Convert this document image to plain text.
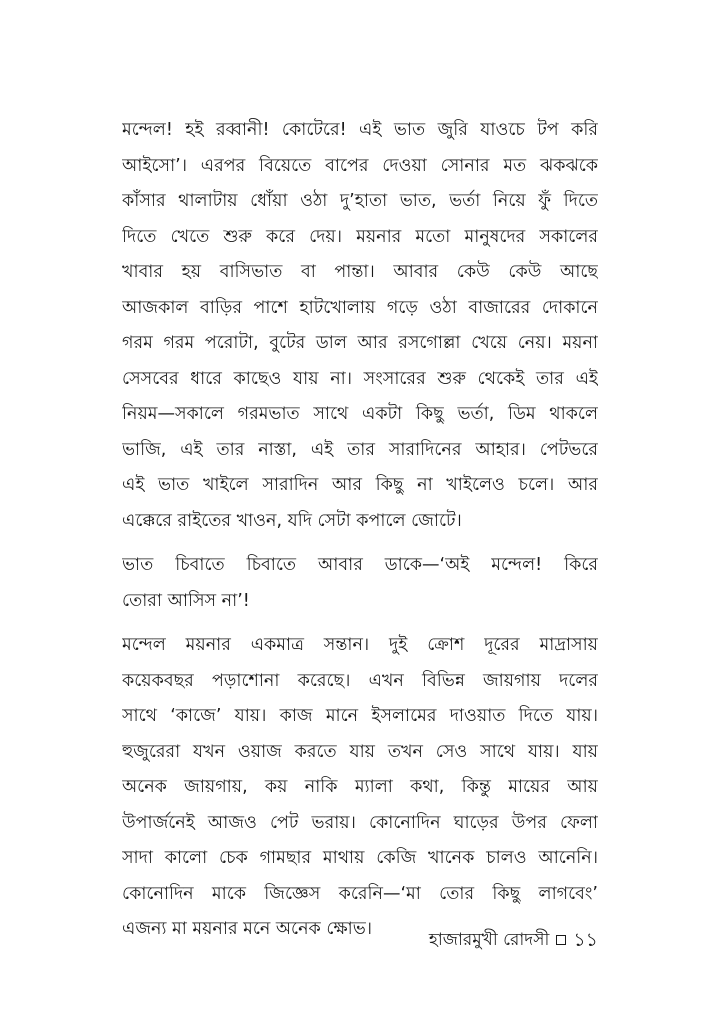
মন্দেল! হই রব্বানী! কোটেরে! এই ভাত জুরি যাওচে টপ করি
আইসো’। এরপর বিয়েতে বাপের দেওয়া সোনার মত ঝকঝকে
কাঁসার থালাটায় ধোঁয়া ওঠা দু’হাতা ভাত, ভর্তা নিয়ে ফুঁ দিতে
দিতে খেতে শুরু করে দেয়। ময়নার মতো মানুষদের সকালের
খাবার হয় বাসিভাত বা পান্তা। আবার কেউ কেউ আছে
আজকাল বাড়ির পাশে হাটখোলায় গড়ে ওঠা বাজারের দোকানে
গরম গরম পরোটা, বুটের ডাল আর রসগোল্লা খেয়ে নেয়। ময়না
সেসবের ধারে কাছেও যায় না। সংসারের শুরু থেকেই তার এই
নিয়ম—সকালে গরমভাত সাথে একটা কিছু ভর্তা, ডিম থাকলে
ভাজি, এই তার নাস্তা, এই তার সারাদিনের আহার। পেটভরে
এই ভাত খাইলে সারাদিন আর কিছু না খাইলেও চলে। আর
এক্কেরে রাইতের খাওন, যদি সেটা কপালে জোটে।
ভাত চিবাতে চিবাতে আবার ডাকে—‘অই মন্দেল! কিরে
তোরা আসিস না’!
মন্দেল ময়নার একমাত্র সন্তান। দুই ক্রোশ দূরের মাদ্রাসায়
কয়েকবছর পড়াশোনা করেছে। এখন বিভিন্ন জায়গায় দলের
সাথে ‘কাজে’ যায়। কাজ মানে ইসলামের দাওয়াত দিতে যায়।
হুজুরেরা যখন ওয়াজ করতে যায় তখন সেও সাথে যায়। যায়
অনেক জায়গায়, কয় নাকি ম্যালা কথা, কিন্তু মায়ের আয়
উপার্জনেই আজও পেট ভরায়। কোনোদিন ঘাড়ের উপর ফেলা
সাদা কালো চেক গামছার মাথায় কেজি খানেক চালও আনেনি।
কোনোদিন মাকে জিজ্ঞেস করেনি—‘মা তোর কিছু লাগবেং’
এজন্য মা ময়নার মনে অনেক ক্ষোভ।
হাজারমুখী রোদসী ১১
